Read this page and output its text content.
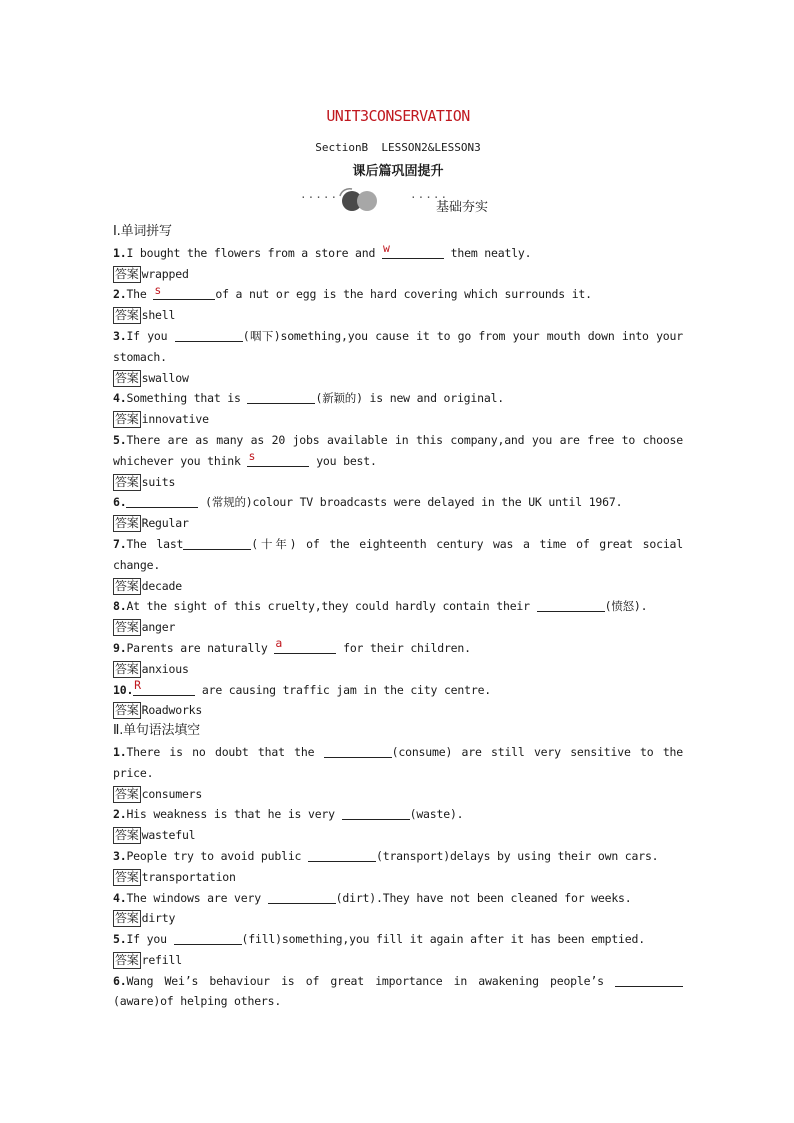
UNIT3CONSERVATION
SectionB  LESSON2&LESSON3
课后篇巩固提升
·····	·····
基础夯实
Ⅰ.单词拼写
1.I bought the flowers from a store and w	them neatly.
答案 wrapped
2.The s	of a nut or egg is the hard covering which surrounds it.
答案 shell
3.If you	(咽下)something,you cause it to go from your mouth down into your stomach.
答案 swallow
4.Something that is	(新颖的) is new and original.
答案 innovative
5.There are as many as 20 jobs available in this company,and you are free to choose whichever you think s	you best.
答案 suits
6.	(常规的)colour TV broadcasts were delayed in the UK until 1967.
答案 Regular
7.The last	(十年) of the eighteenth century was a time of great social change.
答案 decade
8.At the sight of this cruelty,they could hardly contain their	(愤怒).
答案 anger
9.Parents are naturally a	for their children.
答案 anxious
10. R	are causing traffic jam in the city centre.
答案 Roadworks
Ⅱ.单句语法填空
1.There is no doubt that the	(consume) are still very sensitive to the price.
答案 consumers
2.His weakness is that he is very	(waste).
答案 wasteful
3.People try to avoid public	(transport)delays by using their own cars.
答案 transportation
4.The windows are very	(dirt).They have not been cleaned for weeks.
答案 dirty
5.If you	(fill)something,you fill it again after it has been emptied.
答案 refill
6.Wang Wei’s behaviour is of great importance in awakening people’s (aware)of helping others.
